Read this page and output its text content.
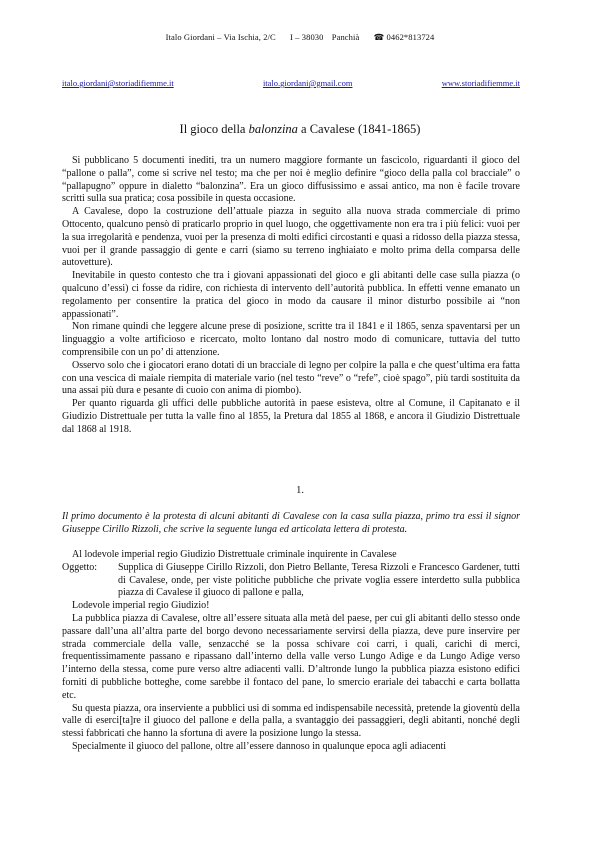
Italo Giordani – Via Ischia, 2/C I – 38030 Panchià ☎ 0462*813724
italo.giordani@storiadifiemme.it	italo.giordani@gmail.com	www.storiadifiemme.it
Il gioco della balonzina a Cavalese (1841-1865)

Si pubblicano 5 documenti inediti, tra un numero maggiore formante un fascicolo, riguardanti il gioco del “pallone o palla”, come si scrive nel testo; ma che per noi è meglio definire “gioco della palla col bracciale” o “pallapugno” oppure in dialetto “balonzina”. Era un gioco diffusissimo e assai antico, ma non è facile trovare scritti sulla sua pratica; cosa possibile in questa occasione.

A Cavalese, dopo la costruzione dell’attuale piazza in seguito alla nuova strada commerciale di primo Ottocento, qualcuno pensò di praticarlo proprio in quel luogo, che oggettivamente non era tra i più felici: vuoi per la sua irregolarità e pendenza, vuoi per la presenza di molti edifici circostanti e quasi a ridosso della piazza stessa, vuoi per il grande passaggio di gente e carri (siamo su terreno inghiaiato e molto prima della comparsa delle autovetture).

Inevitabile in questo contesto che tra i giovani appassionati del gioco e gli abitanti delle case sulla piazza (o qualcuno d’essi) ci fosse da ridire, con richiesta di intervento dell’autorità pubblica. In effetti venne emanato un regolamento per consentire la pratica del gioco in modo da causare il minor disturbo possibile ai “non appassionati”.

Non rimane quindi che leggere alcune prese di posizione, scritte tra il 1841 e il 1865, senza spaventarsi per un linguaggio a volte artificioso e ricercato, molto lontano dal nostro modo di comunicare, tuttavia del tutto comprensibile con un po’ di attenzione.

Osservo solo che i giocatori erano dotati di un bracciale di legno per colpire la palla e che quest’ultima era fatta con una vescica di maiale riempita di materiale vario (nel testo “reve” o “refe”, cioè spago”, più tardi sostituita da una assai più dura e pesante di cuoio con anima di piombo).

Per quanto riguarda gli uffici delle pubbliche autorità in paese esisteva, oltre al Comune, il Capitanato e il Giudizio Distrettuale per tutta la valle fino al 1855, la Pretura dal 1855 al 1868, e ancora il Giudizio Distrettuale dal 1868 al 1918.

1.
Il primo documento è la protesta di alcuni abitanti di Cavalese con la casa sulla piazza, primo tra essi il signor Giuseppe Cirillo Rizzoli, che scrive la seguente lunga ed articolata lettera di protesta.
Al lodevole imperial regio Giudizio Distrettuale criminale inquirente in Cavalese
Oggetto:	Supplica di Giuseppe Cirillo Rizzoli, don Pietro Bellante, Teresa Rizzoli e Francesco Gardener, tutti di Cavalese, onde, per viste politiche pubbliche che private voglia essere interdetto sulla pubblica piazza di Cavalese il giuoco di pallone e palla,
Lodevole imperial regio Giudizio!

La pubblica piazza di Cavalese, oltre all’essere situata alla metà del paese, per cui gli abitanti dello stesso onde passare dall’una all’altra parte del borgo devono necessariamente servirsi della piazza, deve pure inservire per strada commerciale della valle, senzacché se la possa schivare coi carri, i quali, carichi di merci, frequentissimamente passano e ripassano dall’interno della valle verso Lungo Adige e da Lungo Adige verso l’interno della stessa, come pure verso altre adiacenti valli. D’altronde lungo la pubblica piazza esistono edifici forniti di pubbliche botteghe, come sarebbe il fontaco del pane, lo smercio erariale dei tabacchi e carta bollatta etc.

Su questa piazza, ora inserviente a pubblici usi di somma ed indispensabile necessità, pretende la gioventù della valle di eserci[ta]re il giuoco del pallone e della palla, a svantaggio dei passaggieri, degli abitanti, nonché degli stessi fabbricati che hanno la sfortuna di avere la posizione lungo la stessa.

Specialmente il giuoco del pallone, oltre all’essere dannoso in qualunque epoca agli adiacenti
